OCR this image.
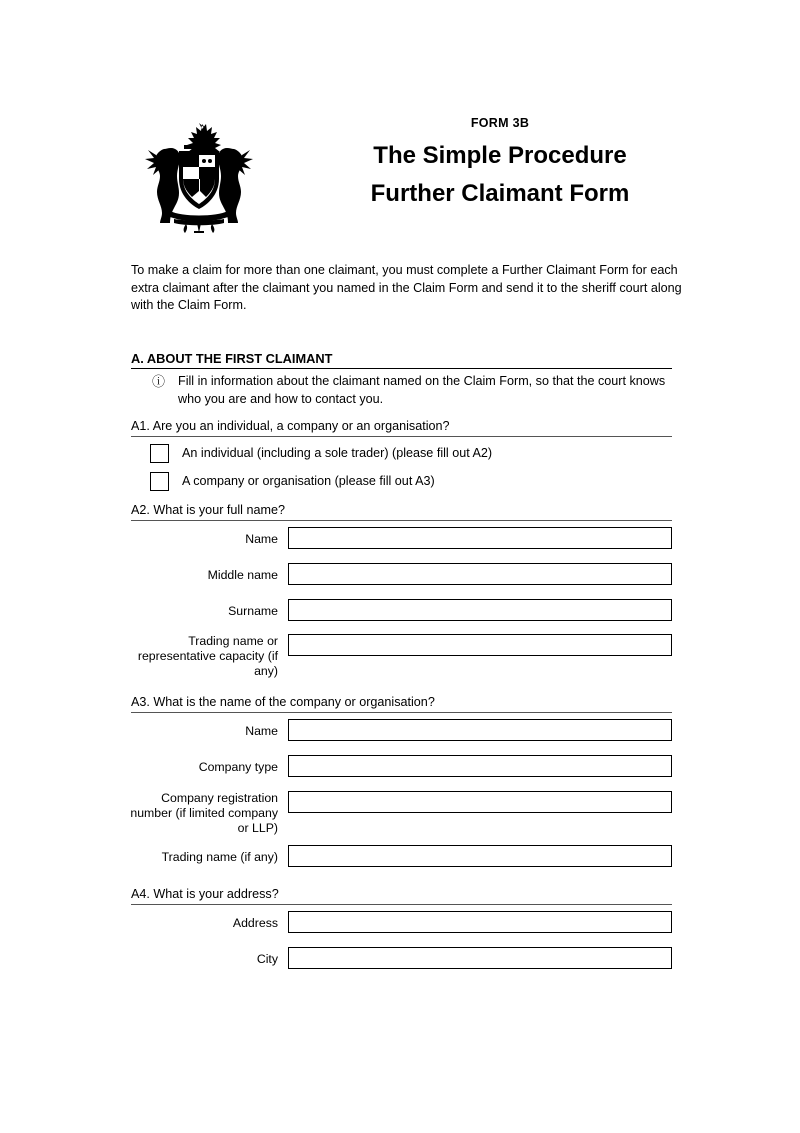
FORM 3B
The Simple Procedure
Further Claimant Form
To make a claim for more than one claimant, you must complete a Further Claimant Form for each extra claimant after the claimant you named in the Claim Form and send it to the sheriff court along with the Claim Form.
A. ABOUT THE FIRST CLAIMANT
ⓘ	Fill in information about the claimant named on the Claim Form, so that the court knows who you are and how to contact you.
A1. Are you an individual, a company or an organisation?
An individual (including a sole trader) (please fill out A2)
A company or organisation (please fill out A3)
A2. What is your full name?
Name
Middle name
Surname
Trading name or representative capacity (if any)
A3. What is the name of the company or organisation?
Name
Company type
Company registration number (if limited company or LLP)
Trading name (if any)
A4. What is your address?
Address
City
